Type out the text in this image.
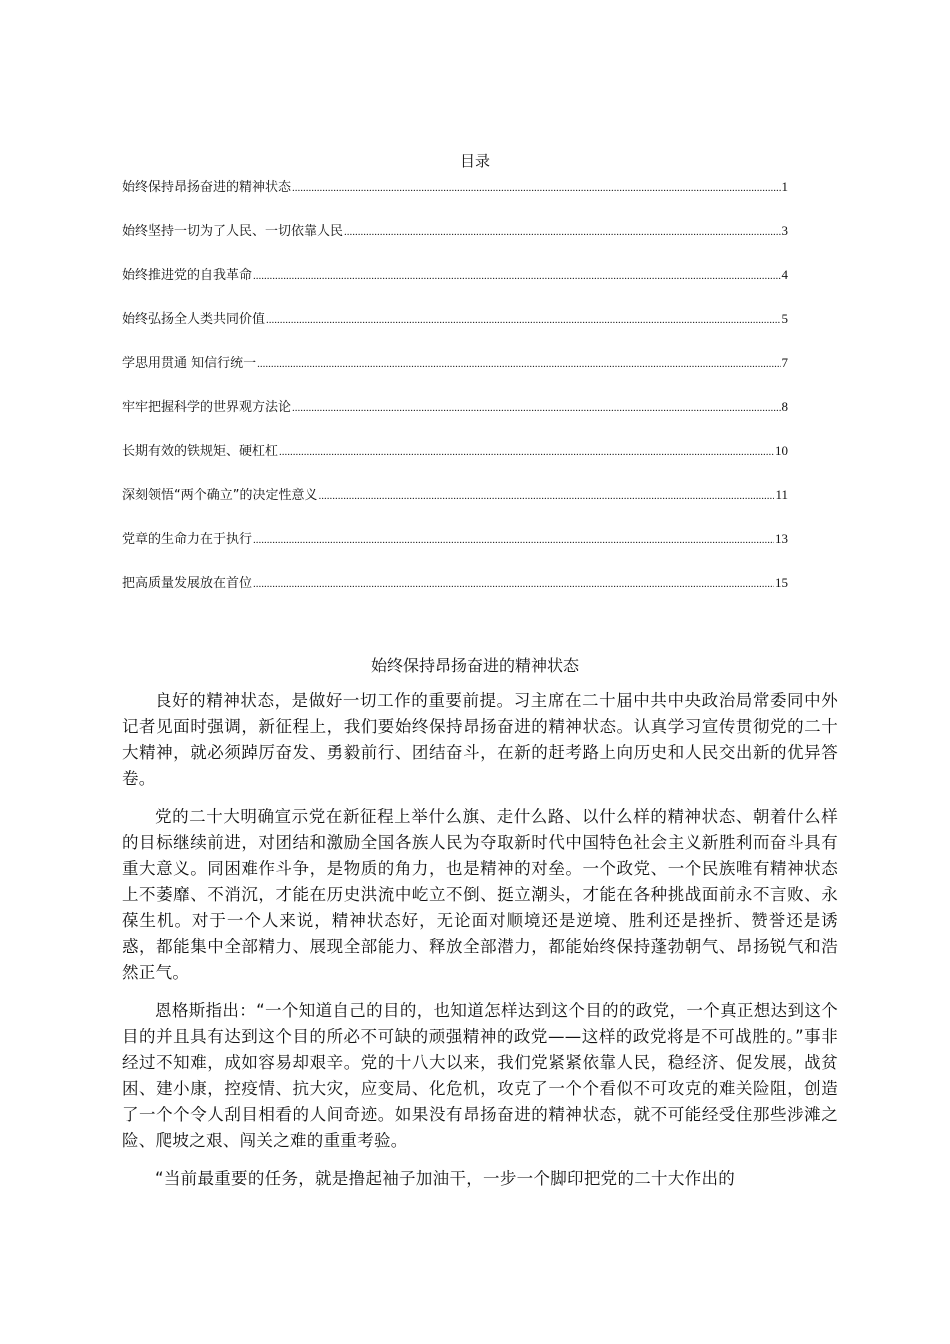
目录
始终保持昂扬奋进的精神状态 .....	1
始终坚持一切为了人民、一切依靠人民 .....	3
始终推进党的自我革命 .....	4
始终弘扬全人类共同价值 .....	5
学思用贯通 知信行统一 .....	7
牢牢把握科学的世界观方法论 .....	8
长期有效的铁规矩、硬杠杠 .....	10
深刻领悟“两个确立”的决定性意义 .....	11
党章的生命力在于执行 .....	13
把高质量发展放在首位 .....	15
始终保持昂扬奋进的精神状态

良好的精神状态，是做好一切工作的重要前提。习主席在二十届中共中央政治局常委同中外记者见面时强调，新征程上，我们要始终保持昂扬奋进的精神状态。认真学习宣传贯彻党的二十大精神，就必须踔厉奋发、勇毅前行、团结奋斗，在新的赶考路上向历史和人民交出新的优异答卷。

党的二十大明确宣示党在新征程上举什么旗、走什么路、以什么样的精神状态、朝着什么样的目标继续前进，对团结和激励全国各族人民为夺取新时代中国特色社会主义新胜利而奋斗具有重大意义。同困难作斗争，是物质的角力，也是精神的对垒。一个政党、一个民族唯有精神状态上不萎靡、不消沉，才能在历史洪流中屹立不倒、挺立潮头，才能在各种挑战面前永不言败、永葆生机。对于一个人来说，精神状态好，无论面对顺境还是逆境、胜利还是挫折、赞誉还是诱惑，都能集中全部精力、展现全部能力、释放全部潜力，都能始终保持蓬勃朝气、昂扬锐气和浩然正气。

恩格斯指出：“一个知道自己的目的，也知道怎样达到这个目的的政党，一个真正想达到这个目的并且具有达到这个目的所必不可缺的顽强精神的政党——这样的政党将是不可战胜的。”事非经过不知难，成如容易却艰辛。党的十八大以来，我们党紧紧依靠人民，稳经济、促发展，战贫困、建小康，控疫情、抗大灾，应变局、化危机，攻克了一个个看似不可攻克的难关险阻，创造了一个个令人刮目相看的人间奇迹。如果没有昂扬奋进的精神状态，就不可能经受住那些涉滩之险、爬坡之艰、闯关之难的重重考验。

“当前最重要的任务，就是撸起袖子加油干，一步一个脚印把党的二十大作出的
